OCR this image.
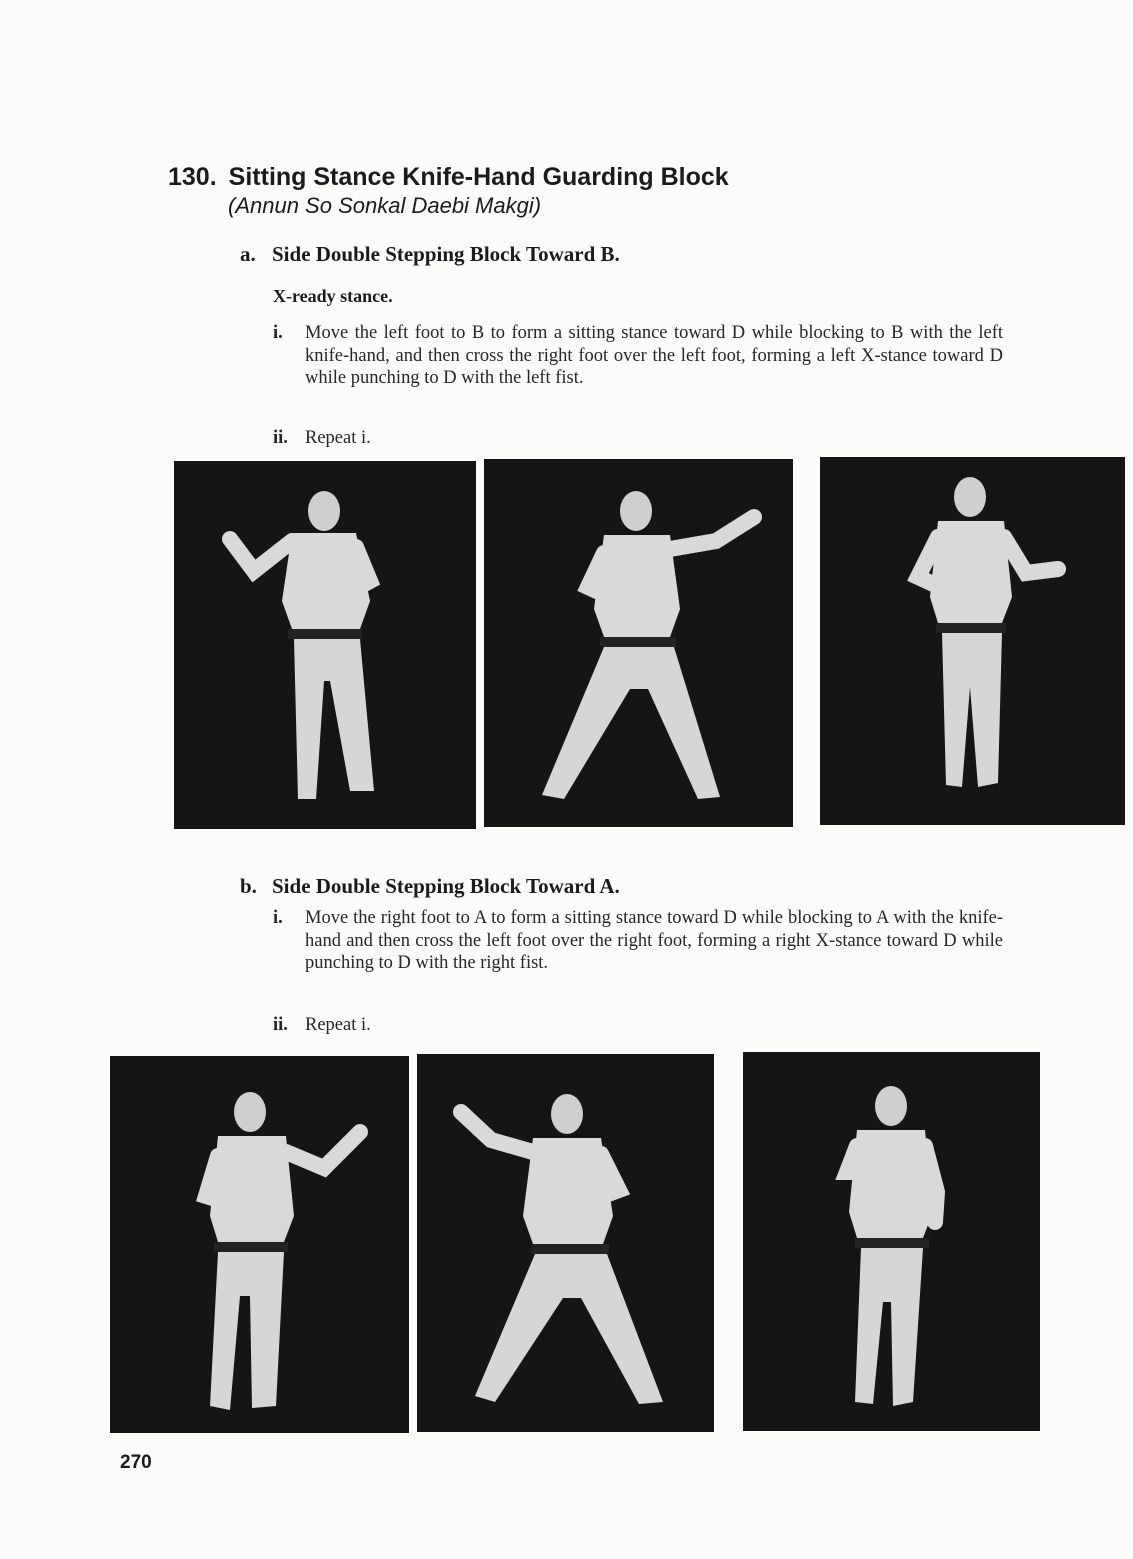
130. Sitting Stance Knife-Hand Guarding Block
(Annun So Sonkal Daebi Makgi)
a. Side Double Stepping Block Toward B.
X-ready stance.
i. Move the left foot to B to form a sitting stance toward D while blocking to B with the left knife-hand, and then cross the right foot over the left foot, forming a left X-stance toward D while punching to D with the left fist.
ii. Repeat i.
b. Side Double Stepping Block Toward A.
i. Move the right foot to A to form a sitting stance toward D while blocking to A with the knife-hand and then cross the left foot over the right foot, forming a right X-stance toward D while punching to D with the right fist.
ii. Repeat i.
270
